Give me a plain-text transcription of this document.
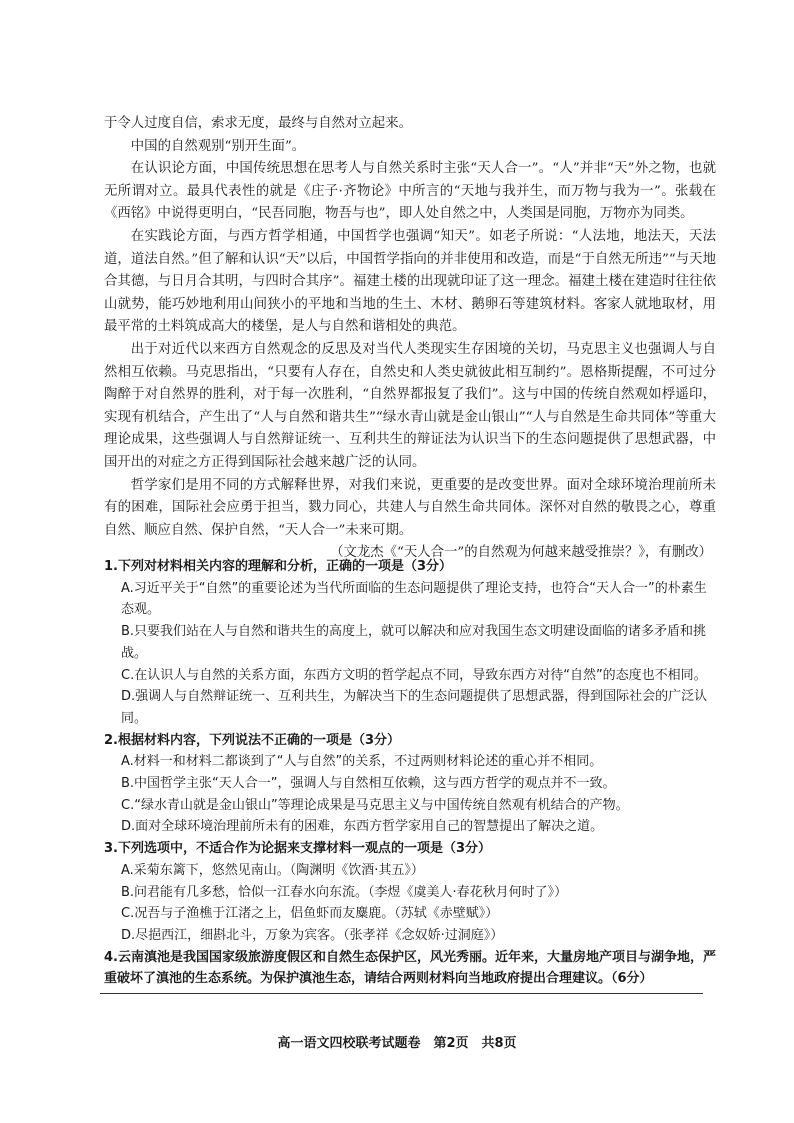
于令人过度自信，索求无度，最终与自然对立起来。

中国的自然观别“别开生面”。

在认识论方面，中国传统思想在思考人与自然关系时主张“天人合一”。“人”并非“天”外之物，也就无所谓对立。最具代表性的就是《庄子·齐物论》中所言的“天地与我并生，而万物与我为一”。张载在《西铭》中说得更明白，“民吾同胞，物吾与也”，即人处自然之中，人类国是同胞，万物亦为同类。

在实践论方面，与西方哲学相通，中国哲学也强调“知天”。如老子所说：“人法地，地法天，天法道，道法自然。”但了解和认识“天”以后，中国哲学指向的并非使用和改造，而是“于自然无所违”“与天地合其德，与日月合其明，与四时合其序”。福建土楼的出现就印证了这一理念。福建土楼在建造时往往依山就势，能巧妙地利用山间狭小的平地和当地的生土、木材、鹅卵石等建筑材料。客家人就地取材，用最平常的土料筑成高大的楼堡，是人与自然和谐相处的典范。

出于对近代以来西方自然观念的反思及对当代人类现实生存困境的关切，马克思主义也强调人与自然相互依赖。马克思指出，“只要有人存在，自然史和人类史就彼此相互制约”。恩格斯提醒，不可过分陶醉于对自然界的胜利，对于每一次胜利，“自然界都报复了我们”。这与中国的传统自然观如桴遥印，实现有机结合，产生出了“人与自然和谐共生”“绿水青山就是金山银山”“人与自然是生命共同体”等重大理论成果，这些强调人与自然辩证统一、互利共生的辩证法为认识当下的生态问题提供了思想武器，中国开出的对症之方正得到国际社会越来越广泛的认同。

哲学家们是用不同的方式解释世界，对我们来说，更重要的是改变世界。面对全球环境治理前所未有的困难，国际社会应勇于担当，戮力同心，共建人与自然生命共同体。深怀对自然的敬畏之心，尊重自然、顺应自然、保护自然，“天人合一”未来可期。

（文龙杰《“天人合一”的自然观为何越来越受推崇？》，有删改）

1.下列对材料相关内容的理解和分析，正确的一项是（3分）

A.习近平关于“自然”的重要论述为当代所面临的生态问题提供了理论支持，也符合“天人合一”的朴素生态观。

B.只要我们站在人与自然和谐共生的高度上，就可以解决和应对我国生态文明建设面临的诸多矛盾和挑战。

C.在认识人与自然的关系方面，东西方文明的哲学起点不同，导致东西方对待“自然”的态度也不相同。

D.强调人与自然辩证统一、互利共生，为解决当下的生态问题提供了思想武器，得到国际社会的广泛认同。

2.根据材料内容，下列说法不正确的一项是（3分）

A.材料一和材料二都谈到了“人与自然”的关系，不过两则材料论述的重心并不相同。

B.中国哲学主张“天人合一”，强调人与自然相互依赖，这与西方哲学的观点并不一致。

C.“绿水青山就是金山银山”等理论成果是马克思主义与中国传统自然观有机结合的产物。

D.面对全球环境治理前所未有的困难，东西方哲学家用自己的智慧提出了解决之道。

3.下列选项中，不适合作为论据来支撑材料一观点的一项是（3分）

A.采菊东篱下，悠然见南山。（陶渊明《饮酒·其五》）

B.问君能有几多愁，恰似一江春水向东流。（李煜《虞美人·春花秋月何时了》）

C.况吾与子渔樵于江渚之上，侣鱼虾而友麋鹿。（苏轼《赤壁赋》）

D.尽挹西江，细斟北斗，万象为宾客。（张孝祥《念奴娇·过洞庭》）

4.云南滇池是我国国家级旅游度假区和自然生态保护区，风光秀丽。近年来，大量房地产项目与湖争地，严重破坏了滇池的生态系统。为保护滇池生态，请结合两则材料向当地政府提出合理建议。（6分）

高一语文四校联考试题卷　第2页　共8页
